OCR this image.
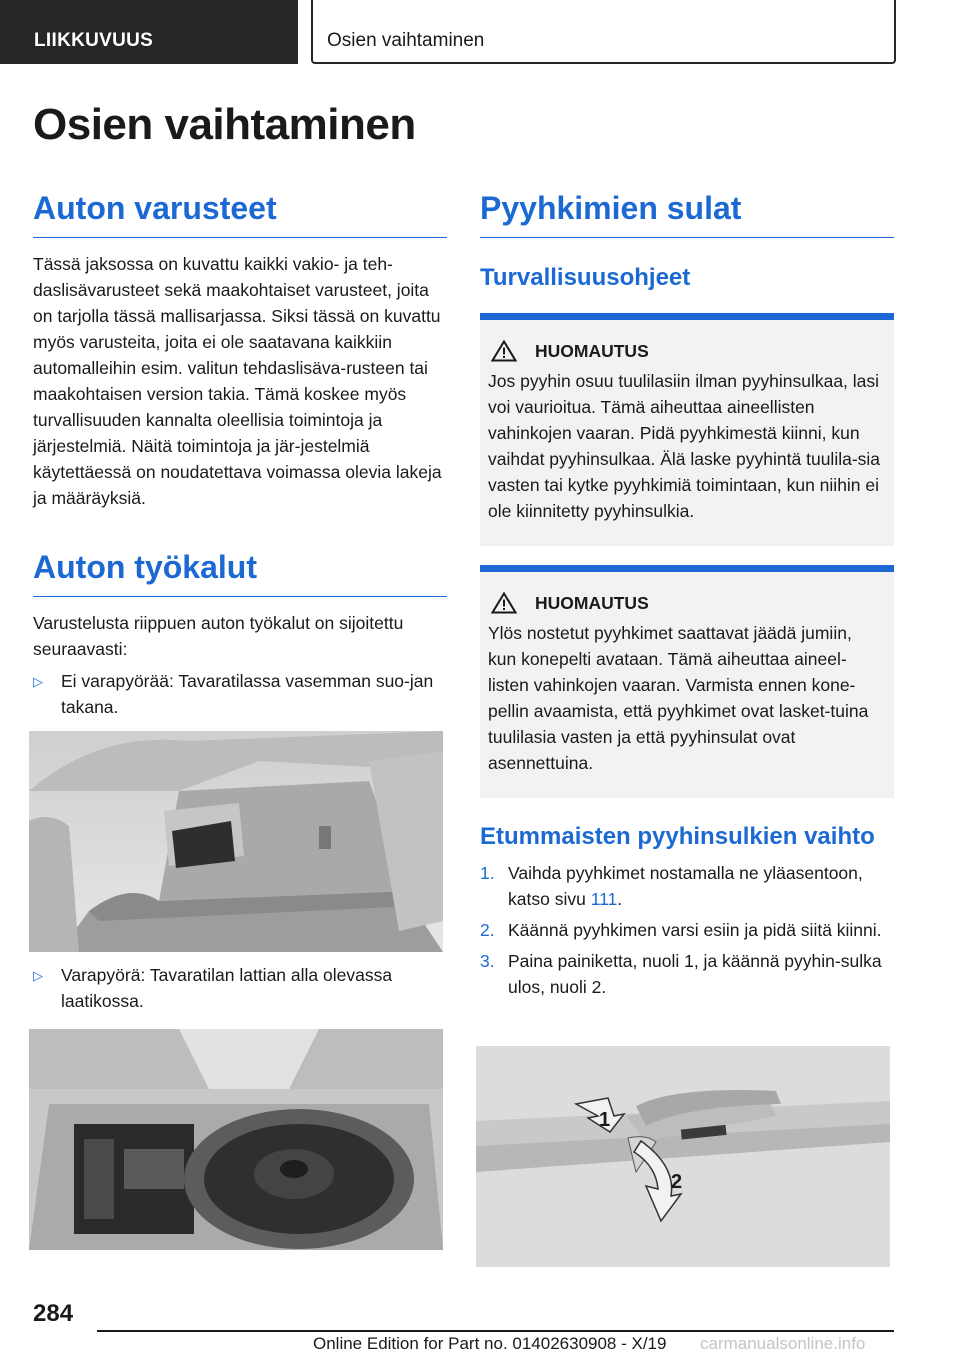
LIIKKUVUUS	Osien vaihtaminen
Osien vaihtaminen
Auton varusteet

Tässä jaksossa on kuvattu kaikki vakio- ja teh-daslisävarusteet sekä maakohtaiset varusteet, joita on tarjolla tässä mallisarjassa. Siksi tässä on kuvattu myös varusteita, joita ei ole saatavana kaikkiin automalleihin esim. valitun tehdaslisäva-rusteen tai maakohtaisen version takia. Tämä koskee myös turvallisuuden kannalta oleellisia toimintoja ja järjestelmiä. Näitä toimintoja ja jär-jestelmiä käytettäessä on noudatettava voimassa olevia lakeja ja määräyksiä.

Auton työkalut

Varustelusta riippuen auton työkalut on sijoitettu seuraavasti:

▷ Ei varapyörää: Tavaratilassa vasemman suo-jan takana.
▷ Varapyörä: Tavaratilan lattian alla olevassa laatikossa.
Pyyhkimien sulat
Turvallisuusohjeet
HUOMAUTUS

Jos pyyhin osuu tuulilasiin ilman pyyhinsulkaa, lasi voi vaurioitua. Tämä aiheuttaa aineellisten vahinkojen vaaran. Pidä pyyhkimestä kiinni, kun vaihdat pyyhinsulkaa. Älä laske pyyhintä tuulila-sia vasten tai kytke pyyhkimiä toimintaan, kun niihin ei ole kiinnitetty pyyhinsulkia.

HUOMAUTUS

Ylös nostetut pyyhkimet saattavat jäädä jumiin, kun konepelti avataan. Tämä aiheuttaa aineel-listen vahinkojen vaaran. Varmista ennen kone-pellin avaamista, että pyyhkimet ovat lasket-tuina tuulilasia vasten ja että pyyhinsulat ovat asennettuina.

Etummaisten pyyhinsulkien vaihto
1. Vaihda pyyhkimet nostamalla ne yläasentoon, katso sivu 111.
2. Käännä pyyhkimen varsi esiin ja pidä siitä kiinni.
3. Paina painiketta, nuoli 1, ja käännä pyyhin-sulka ulos, nuoli 2.
1
2
284
Online Edition for Part no. 01402630908 - X/19 carmanualsonline.info
